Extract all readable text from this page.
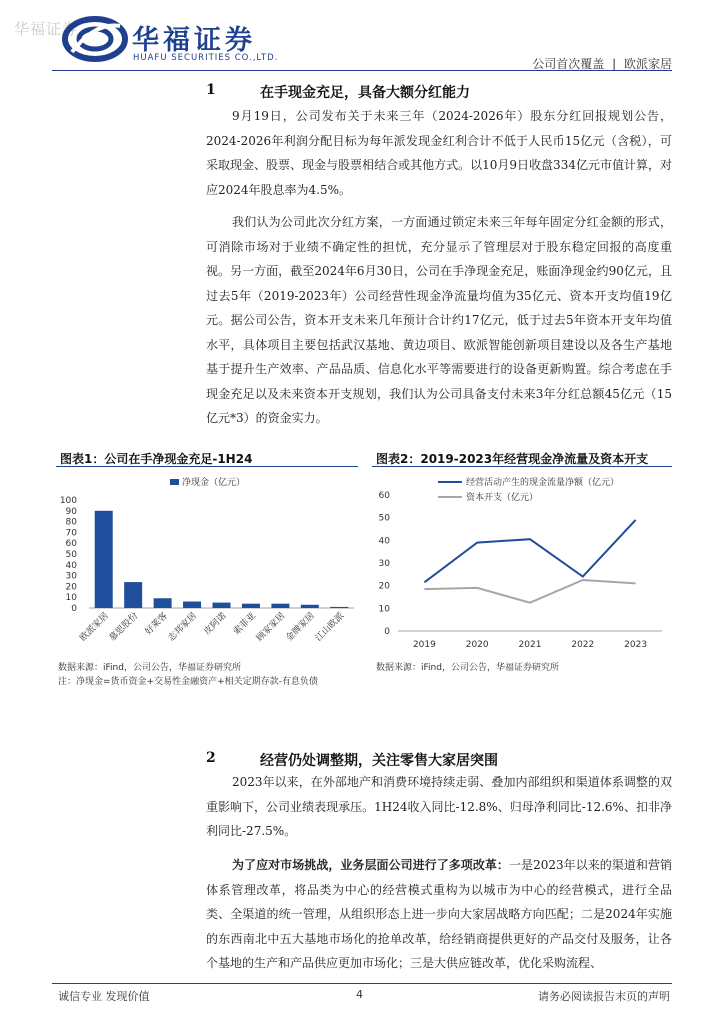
华福证券 华福证券
HUAFU SECURITIES CO.,LTD.	公司首次覆盖 | 欧派家居
1	在手现金充足，具备大额分红能力

9月19日，公司发布关于未来三年（2024-2026年）股东分红回报规划公告，2024-2026年利润分配目标为每年派发现金红利合计不低于人民币15亿元（含税），可采取现金、股票、现金与股票相结合或其他方式。以10月9日收盘334亿元市值计算，对应2024年股息率为4.5%。

我们认为公司此次分红方案，一方面通过锁定未来三年每年固定分红金额的形式，可消除市场对于业绩不确定性的担忧，充分显示了管理层对于股东稳定回报的高度重视。另一方面，截至2024年6月30日，公司在手净现金充足，账面净现金约90亿元，且过去5年（2019-2023年）公司经营性现金净流量均值为35亿元、资本开支均值19亿元。据公司公告，资本开支未来几年预计合计约17亿元，低于过去5年资本开支年均值水平，具体项目主要包括武汉基地、黄边项目、欧派智能创新项目建设以及各生产基地基于提升生产效率、产品品质、信息化水平等需要进行的设备更新购置。综合考虑在手现金充足以及未来资本开支规划，我们认为公司具备支付未来3年分红总额45亿元（15亿元*3）的资金实力。

图表1：公司在手净现金充足-1H24
净现金（亿元）
0
10
20
30
40
50
60
70
80
90
100
欧派家居
慕思股份 好莱客
志邦家居 皮阿诺 索菲亚
顾家家居
金牌家居
江山欧派
数据来源：iFind，公司公告，华福证券研究所
注：净现金=货币资金+交易性金融资产+相关定期存款-有息负债
图表2：2019-2023年经营现金净流量及资本开支
经营活动产生的现金流量净额（亿元）
资本开支（亿元）
0
10
20
30
40
50
60
2019	2020	2021	2022	2023
数据来源：iFind，公司公告，华福证券研究所
2	经营仍处调整期，关注零售大家居突围

2023年以来，在外部地产和消费环境持续走弱、叠加内部组织和渠道体系调整的双重影响下，公司业绩表现承压。1H24收入同比-12.8%、归母净利同比-12.6%、扣非净利同比-27.5%。

为了应对市场挑战，业务层面公司进行了多项改革：一是2023年以来的渠道和营销体系管理改革，将品类为中心的经营模式重构为以城市为中心的经营模式，进行全品类、全渠道的统一管理，从组织形态上进一步向大家居战略方向匹配；二是2024年实施的东西南北中五大基地市场化的抢单改革，给经销商提供更好的产品交付及服务，让各个基地的生产和产品供应更加市场化；三是大供应链改革，优化采购流程、

诚信专业 发现价值	4	请务必阅读报告末页的声明
